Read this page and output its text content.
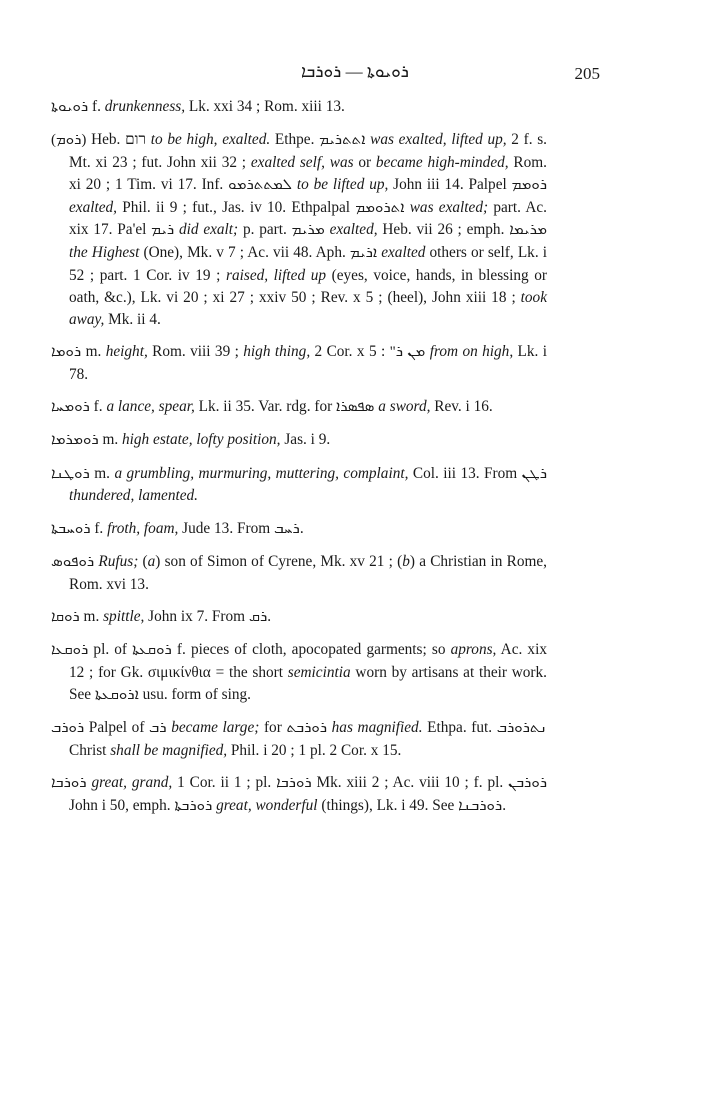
ܪܘܝܘܬܐ — ܪܘܪܒܐ	205

ܪܘܝܘܬܐ f. drunkenness, Lk. xxi 34 ; Rom. xiii 13.

(ܪܘܡ) Heb. רום to be high, exalted. Ethpe. ܐܬܬܪܝܡ was exalted, lifted up, 2 f. s. Mt. xi 23 ; fut. John xii 32 ; exalted self, was or became high-minded, Rom. xi 20 ; 1 Tim. vi 17. Inf. ܠܡܬܬܪܡܘ to be lifted up, John iii 14. Palpel ܪܘܡܡ exalted, Phil. ii 9 ; fut., Jas. iv 10. Ethpalpal ܐܬܪܘܡܡ was exalted; part. Ac. xix 17. Pa'el ܪܝܡ did exalt; p. part. ܡܪܝܡ exalted, Heb. vii 26 ; emph. ܡܪܝܡܐ the Highest (One), Mk. v 7 ; Ac. vii 48. Aph. ܐܪܝܡ exalted others or self, Lk. i 52 ; part. 1 Cor. iv 19 ; raised, lifted up (eyes, voice, hands, in blessing or oath, &c.), Lk. vi 20 ; xi 27 ; xxiv 50 ; Rev. x 5 ; (heel), John xiii 18 ; took away, Mk. ii 4.

ܪܘܡܐ m. height, Rom. viii 39 ; high thing, 2 Cor. x 5 : ܡܢ ܪ" from on high, Lk. i 78.

ܪܘܡܚܐ f. a lance, spear, Lk. ii 35. Var. rdg. for ܣܦܣܪܐ a sword, Rev. i 16.

ܪܘܡܪܡܐ m. high estate, lofty position, Jas. i 9.

ܪܘܛܢܐ m. a grumbling, murmuring, muttering, complaint, Col. iii 13. From ܪܛܢ thundered, lamented.

ܪܘܚܒܬܐ f. froth, foam, Jude 13. From ܪܚܒ.

ܪܘܦܘܣ Rufus; (a) son of Simon of Cyrene, Mk. xv 21 ; (b) a Christian in Rome, Rom. xvi 13.

ܪܘܩܐ m. spittle, John ix 7. From ܪܩ.

ܪܘܩܥܐ pl. of ܪܘܩܥܬܐ f. pieces of cloth, apocopated garments; so aprons, Ac. xix 12 ; for Gk. σιμικίνθια = the short semicintia worn by artisans at their work. See ܐܪܘܩܥܬܐ usu. form of sing.

ܪܘܪܒ Palpel of ܪܒ became large; for ܪܘܪܒܬ has magnified. Ethpa. fut. ܢܬܪܘܪܒ Christ shall be magnified, Phil. i 20 ; 1 pl. 2 Cor. x 15.

ܪܘܪܒܐ great, grand, 1 Cor. ii 1 ; pl. ܪܘܪܒܐ Mk. xiii 2 ; Ac. viii 10 ; f. pl. ܪܘܪܒܢ John i 50, emph. ܪܘܪܒܬܐ great, wonderful (things), Lk. i 49. See ܪܘܪܒܢܐ.
